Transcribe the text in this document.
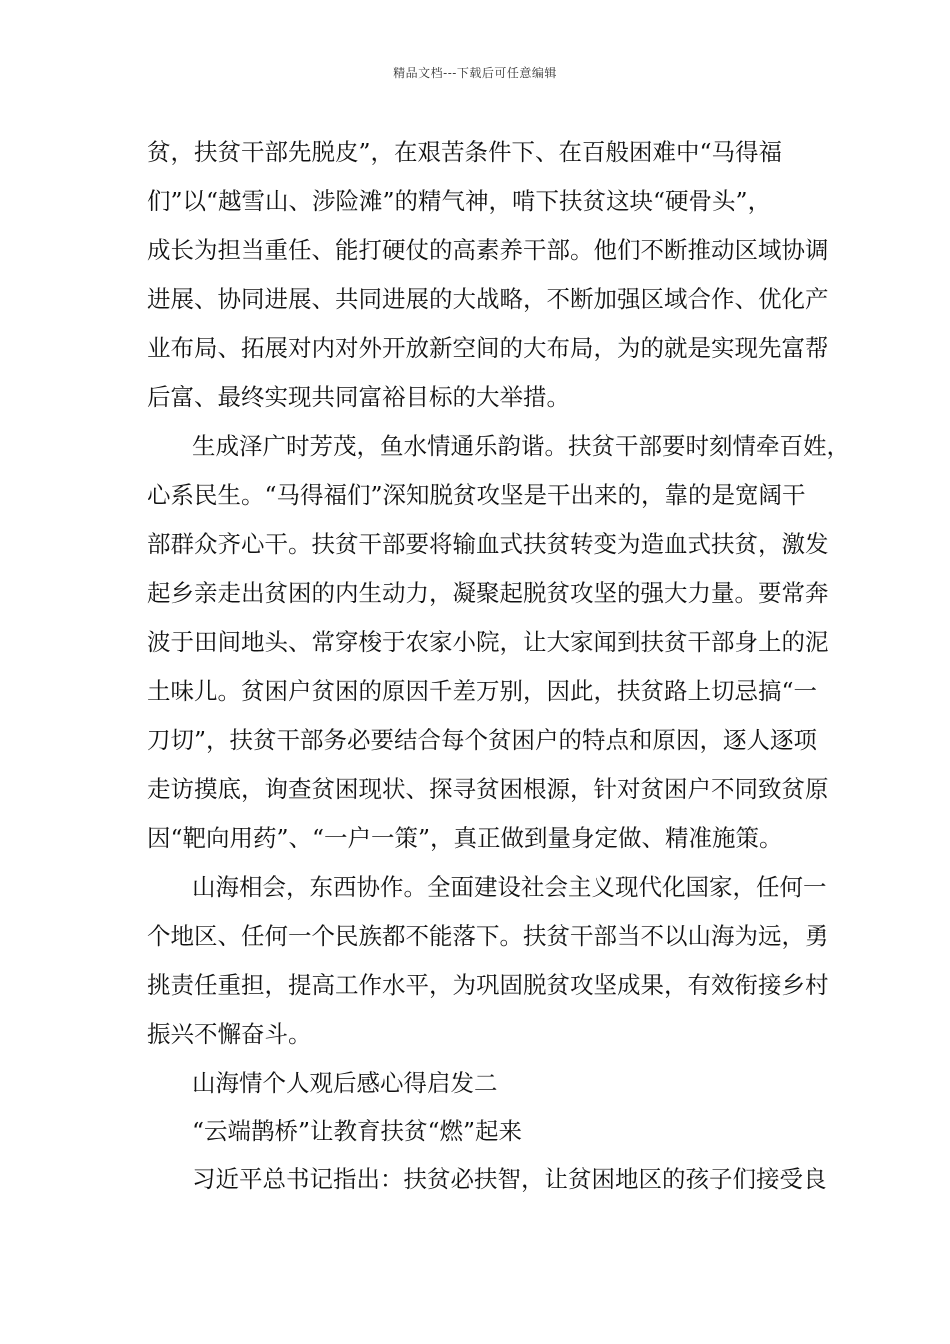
精品文档---下载后可任意编辑
贫，扶贫干部先脱皮”，在艰苦条件下、在百般困难中“马得福
们”以“越雪山、涉险滩”的精气神，啃下扶贫这块“硬骨头”，
成长为担当重任、能打硬仗的高素养干部。他们不断推动区域协调
进展、协同进展、共同进展的大战略，不断加强区域合作、优化产
业布局、拓展对内对外开放新空间的大布局，为的就是实现先富帮
后富、最终实现共同富裕目标的大举措。
生成泽广时芳茂，鱼水情通乐韵谐。扶贫干部要时刻情牵百姓，
心系民生。“马得福们”深知脱贫攻坚是干出来的，靠的是宽阔干
部群众齐心干。扶贫干部要将输血式扶贫转变为造血式扶贫，激发
起乡亲走出贫困的内生动力，凝聚起脱贫攻坚的强大力量。要常奔
波于田间地头、常穿梭于农家小院，让大家闻到扶贫干部身上的泥
土味儿。贫困户贫困的原因千差万别，因此，扶贫路上切忌搞“一
刀切”，扶贫干部务必要结合每个贫困户的特点和原因，逐人逐项
走访摸底，询查贫困现状、探寻贫困根源，针对贫困户不同致贫原
因“靶向用药”、“一户一策”，真正做到量身定做、精准施策。
山海相会，东西协作。全面建设社会主义现代化国家，任何一
个地区、任何一个民族都不能落下。扶贫干部当不以山海为远，勇
挑责任重担，提高工作水平，为巩固脱贫攻坚成果，有效衔接乡村
振兴不懈奋斗。
山海情个人观后感心得启发二
“云端鹊桥”让教育扶贫“燃”起来
习近平总书记指出：扶贫必扶智，让贫困地区的孩子们接受良
